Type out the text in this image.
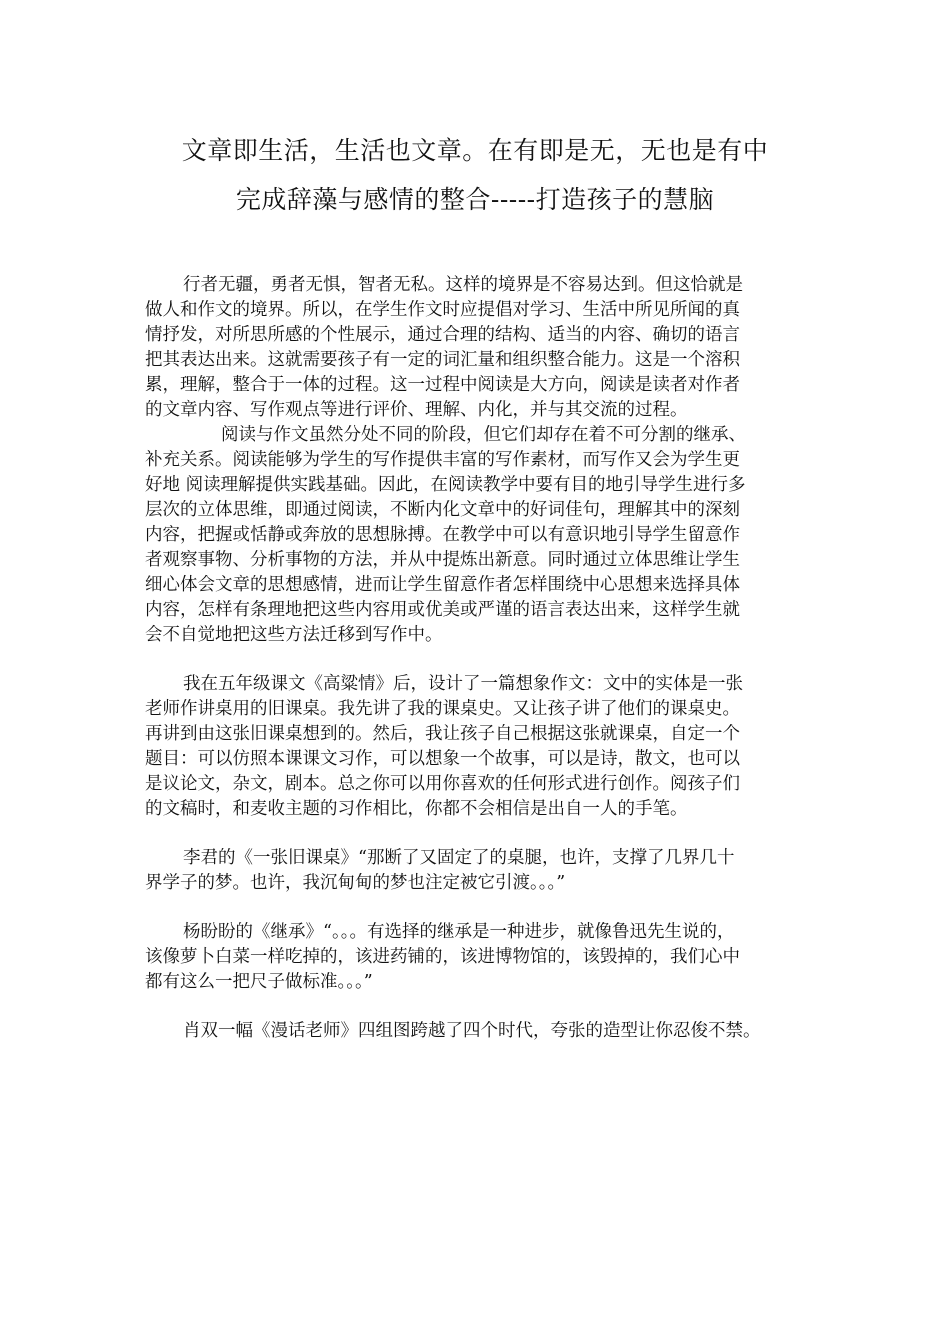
文章即生活，生活也文章。在有即是无，无也是有中
完成辞藻与感情的整合-----打造孩子的慧脑
行者无疆，勇者无惧，智者无私。这样的境界是不容易达到。但这恰就是
做人和作文的境界。所以，在学生作文时应提倡对学习、生活中所见所闻的真
情抒发，对所思所感的个性展示，通过合理的结构、适当的内容、确切的语言
把其表达出来。这就需要孩子有一定的词汇量和组织整合能力。这是一个溶积
累，理解，整合于一体的过程。这一过程中阅读是大方向，阅读是读者对作者
的文章内容、写作观点等进行评价、理解、内化，并与其交流的过程。
阅读与作文虽然分处不同的阶段，但它们却存在着不可分割的继承、
补充关系。阅读能够为学生的写作提供丰富的写作素材，而写作又会为学生更
好地 阅读理解提供实践基础。因此，在阅读教学中要有目的地引导学生进行多
层次的立体思维，即通过阅读，不断内化文章中的好词佳句，理解其中的深刻
内容，把握或恬静或奔放的思想脉搏。在教学中可以有意识地引导学生留意作
者观察事物、分析事物的方法，并从中提炼出新意。同时通过立体思维让学生
细心体会文章的思想感情，进而让学生留意作者怎样围绕中心思想来选择具体
内容，怎样有条理地把这些内容用或优美或严谨的语言表达出来，这样学生就
会不自觉地把这些方法迁移到写作中。
我在五年级课文《高粱情》后，设计了一篇想象作文：文中的实体是一张
老师作讲桌用的旧课桌。我先讲了我的课桌史。又让孩子讲了他们的课桌史。
再讲到由这张旧课桌想到的。然后，我让孩子自己根据这张就课桌，自定一个
题目：可以仿照本课课文习作，可以想象一个故事，可以是诗，散文，也可以
是议论文，杂文，剧本。总之你可以用你喜欢的任何形式进行创作。阅孩子们
的文稿时，和麦收主题的习作相比，你都不会相信是出自一人的手笔。
李君的《一张旧课桌》“那断了又固定了的桌腿，也许，支撑了几界几十
界学子的梦。也许，我沉甸甸的梦也注定被它引渡。。。”
杨盼盼的《继承》“。。。有选择的继承是一种进步，就像鲁迅先生说的，
该像萝卜白菜一样吃掉的，该进药铺的，该进博物馆的，该毁掉的，我们心中
都有这么一把尺子做标准。。。”
肖双一幅《漫话老师》四组图跨越了四个时代，夸张的造型让你忍俊不禁。
